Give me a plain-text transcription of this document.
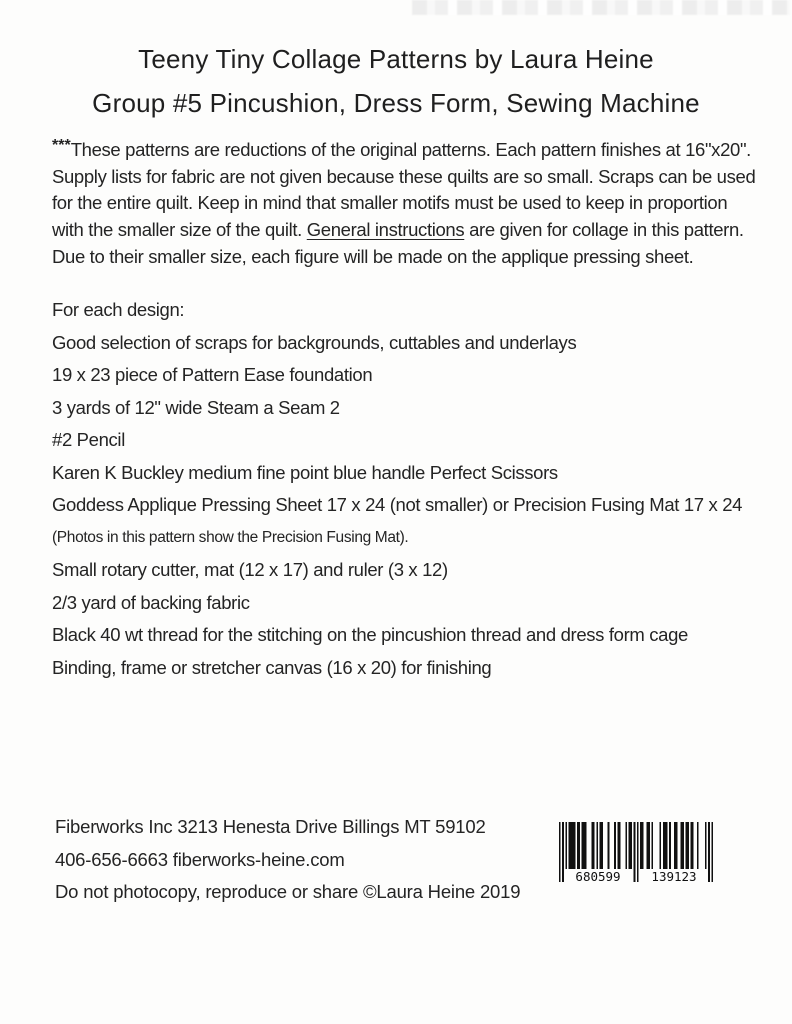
Teeny Tiny Collage Patterns by Laura Heine
Group #5 Pincushion, Dress Form, Sewing Machine

***These patterns are reductions of the original patterns. Each pattern finishes at 16"x20". Supply lists for fabric are not given because these quilts are so small. Scraps can be used for the entire quilt. Keep in mind that smaller motifs must be used to keep in proportion with the smaller size of the quilt. General instructions are given for collage in this pattern. Due to their smaller size, each figure will be made on the applique pressing sheet.

For each design:
Good selection of scraps for backgrounds, cuttables and underlays
19 x 23 piece of Pattern Ease foundation
3 yards of 12" wide Steam a Seam 2
#2 Pencil
Karen K Buckley medium fine point blue handle Perfect Scissors
Goddess Applique Pressing Sheet 17 x 24 (not smaller) or Precision Fusing Mat 17 x 24
(Photos in this pattern show the Precision Fusing Mat).
Small rotary cutter, mat (12 x 17) and ruler (3 x 12)
2/3 yard of backing fabric
Black 40 wt thread for the stitching on the pincushion thread and dress form cage
Binding, frame or stretcher canvas (16 x 20) for finishing
Fiberworks Inc 3213 Henesta Drive Billings MT 59102
406-656-6663 fiberworks-heine.com
Do not photocopy, reproduce or share ©Laura Heine 2019
680599 139123
